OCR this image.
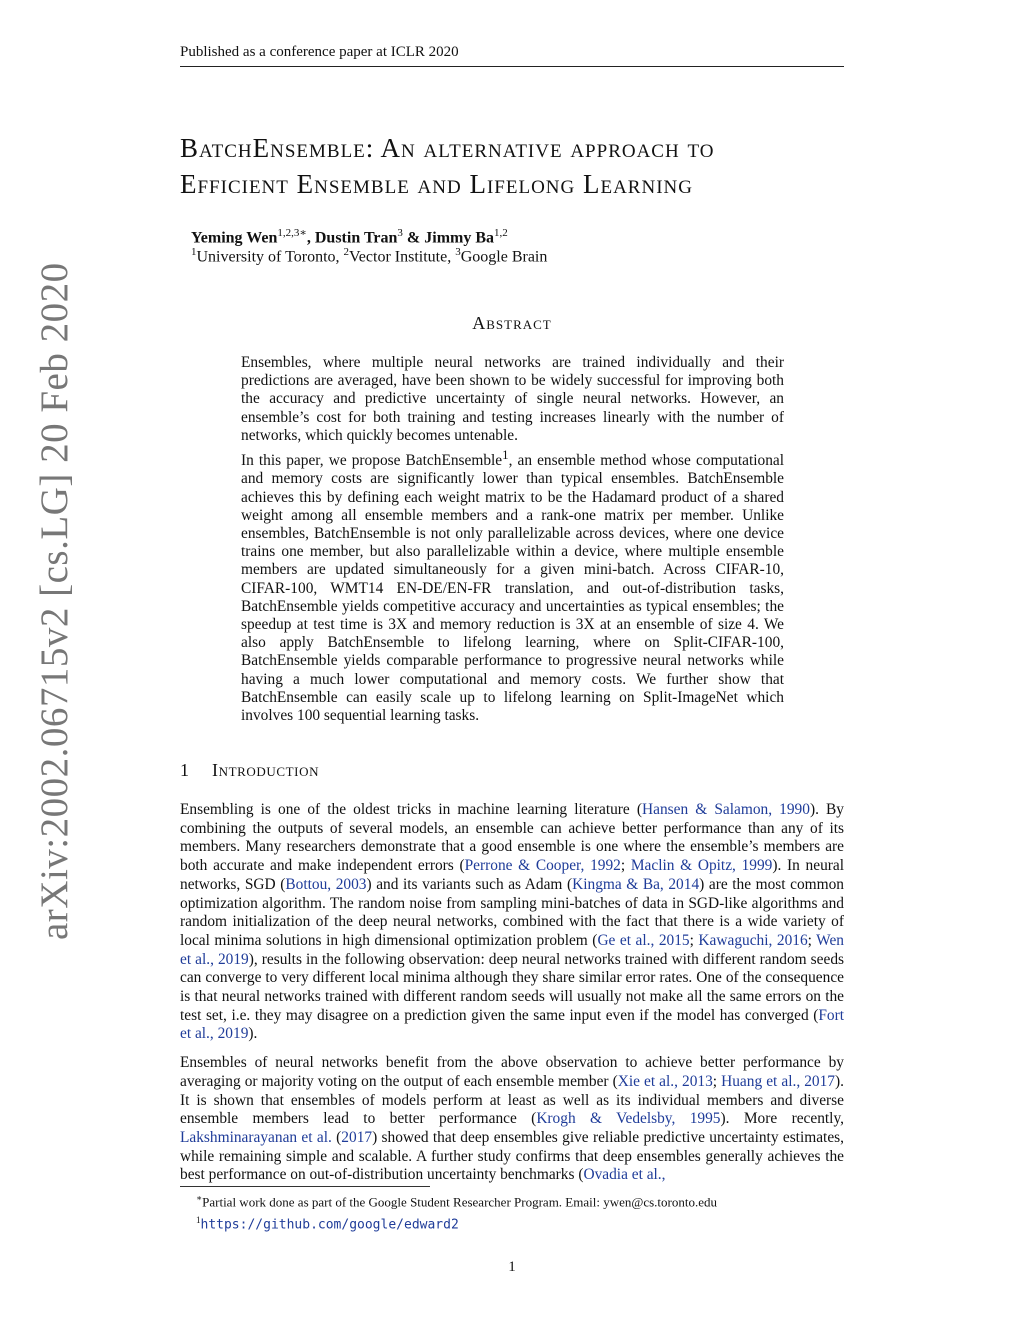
Published as a conference paper at ICLR 2020
arXiv:2002.06715v2 [cs.LG] 20 Feb 2020
BatchEnsemble: An alternative approach to
Efficient Ensemble and Lifelong Learning
Yeming Wen$^{1,2,3∗}$, Dustin Tran$^3$ & Jimmy Ba$^{1,2}$
$^1$University of Toronto, $^2$Vector Institute, $^3$Google Brain
Abstract

Ensembles, where multiple neural networks are trained individually and their predictions are averaged, have been shown to be widely successful for improving both the accuracy and predictive uncertainty of single neural networks. However, an ensemble’s cost for both training and testing increases linearly with the number of networks, which quickly becomes untenable.

In this paper, we propose BatchEnsemble$^1$, an ensemble method whose computational and memory costs are significantly lower than typical ensembles. BatchEnsemble achieves this by defining each weight matrix to be the Hadamard product of a shared weight among all ensemble members and a rank-one matrix per member. Unlike ensembles, BatchEnsemble is not only parallelizable across devices, where one device trains one member, but also parallelizable within a device, where multiple ensemble members are updated simultaneously for a given mini-batch. Across CIFAR-10, CIFAR-100, WMT14 EN-DE/EN-FR translation, and out-of-distribution tasks, BatchEnsemble yields competitive accuracy and uncertainties as typical ensembles; the speedup at test time is 3X and memory reduction is 3X at an ensemble of size 4. We also apply BatchEnsemble to lifelong learning, where on Split-CIFAR-100, BatchEnsemble yields comparable performance to progressive neural networks while having a much lower computational and memory costs. We further show that BatchEnsemble can easily scale up to lifelong learning on Split-ImageNet which involves 100 sequential learning tasks.

1 Introduction

Ensembling is one of the oldest tricks in machine learning literature (Hansen & Salamon, 1990). By combining the outputs of several models, an ensemble can achieve better performance than any of its members. Many researchers demonstrate that a good ensemble is one where the ensemble’s members are both accurate and make independent errors (Perrone & Cooper, 1992; Maclin & Opitz, 1999). In neural networks, SGD (Bottou, 2003) and its variants such as Adam (Kingma & Ba, 2014) are the most common optimization algorithm. The random noise from sampling mini-batches of data in SGD-like algorithms and random initialization of the deep neural networks, combined with the fact that there is a wide variety of local minima solutions in high dimensional optimization problem (Ge et al., 2015; Kawaguchi, 2016; Wen et al., 2019), results in the following observation: deep neural networks trained with different random seeds can converge to very different local minima although they share similar error rates. One of the consequence is that neural networks trained with different random seeds will usually not make all the same errors on the test set, i.e. they may disagree on a prediction given the same input even if the model has converged (Fort et al., 2019).

Ensembles of neural networks benefit from the above observation to achieve better performance by averaging or majority voting on the output of each ensemble member (Xie et al., 2013; Huang et al., 2017). It is shown that ensembles of models perform at least as well as its individual members and diverse ensemble members lead to better performance (Krogh & Vedelsby, 1995). More recently, Lakshminarayanan et al. (2017) showed that deep ensembles give reliable predictive uncertainty estimates, while remaining simple and scalable. A further study confirms that deep ensembles generally achieves the best performance on out-of-distribution uncertainty benchmarks (Ovadia et al.,

∗Partial work done as part of the Google Student Researcher Program. Email: ywen@cs.toronto.edu
$^1$https://github.com/google/edward2
1
